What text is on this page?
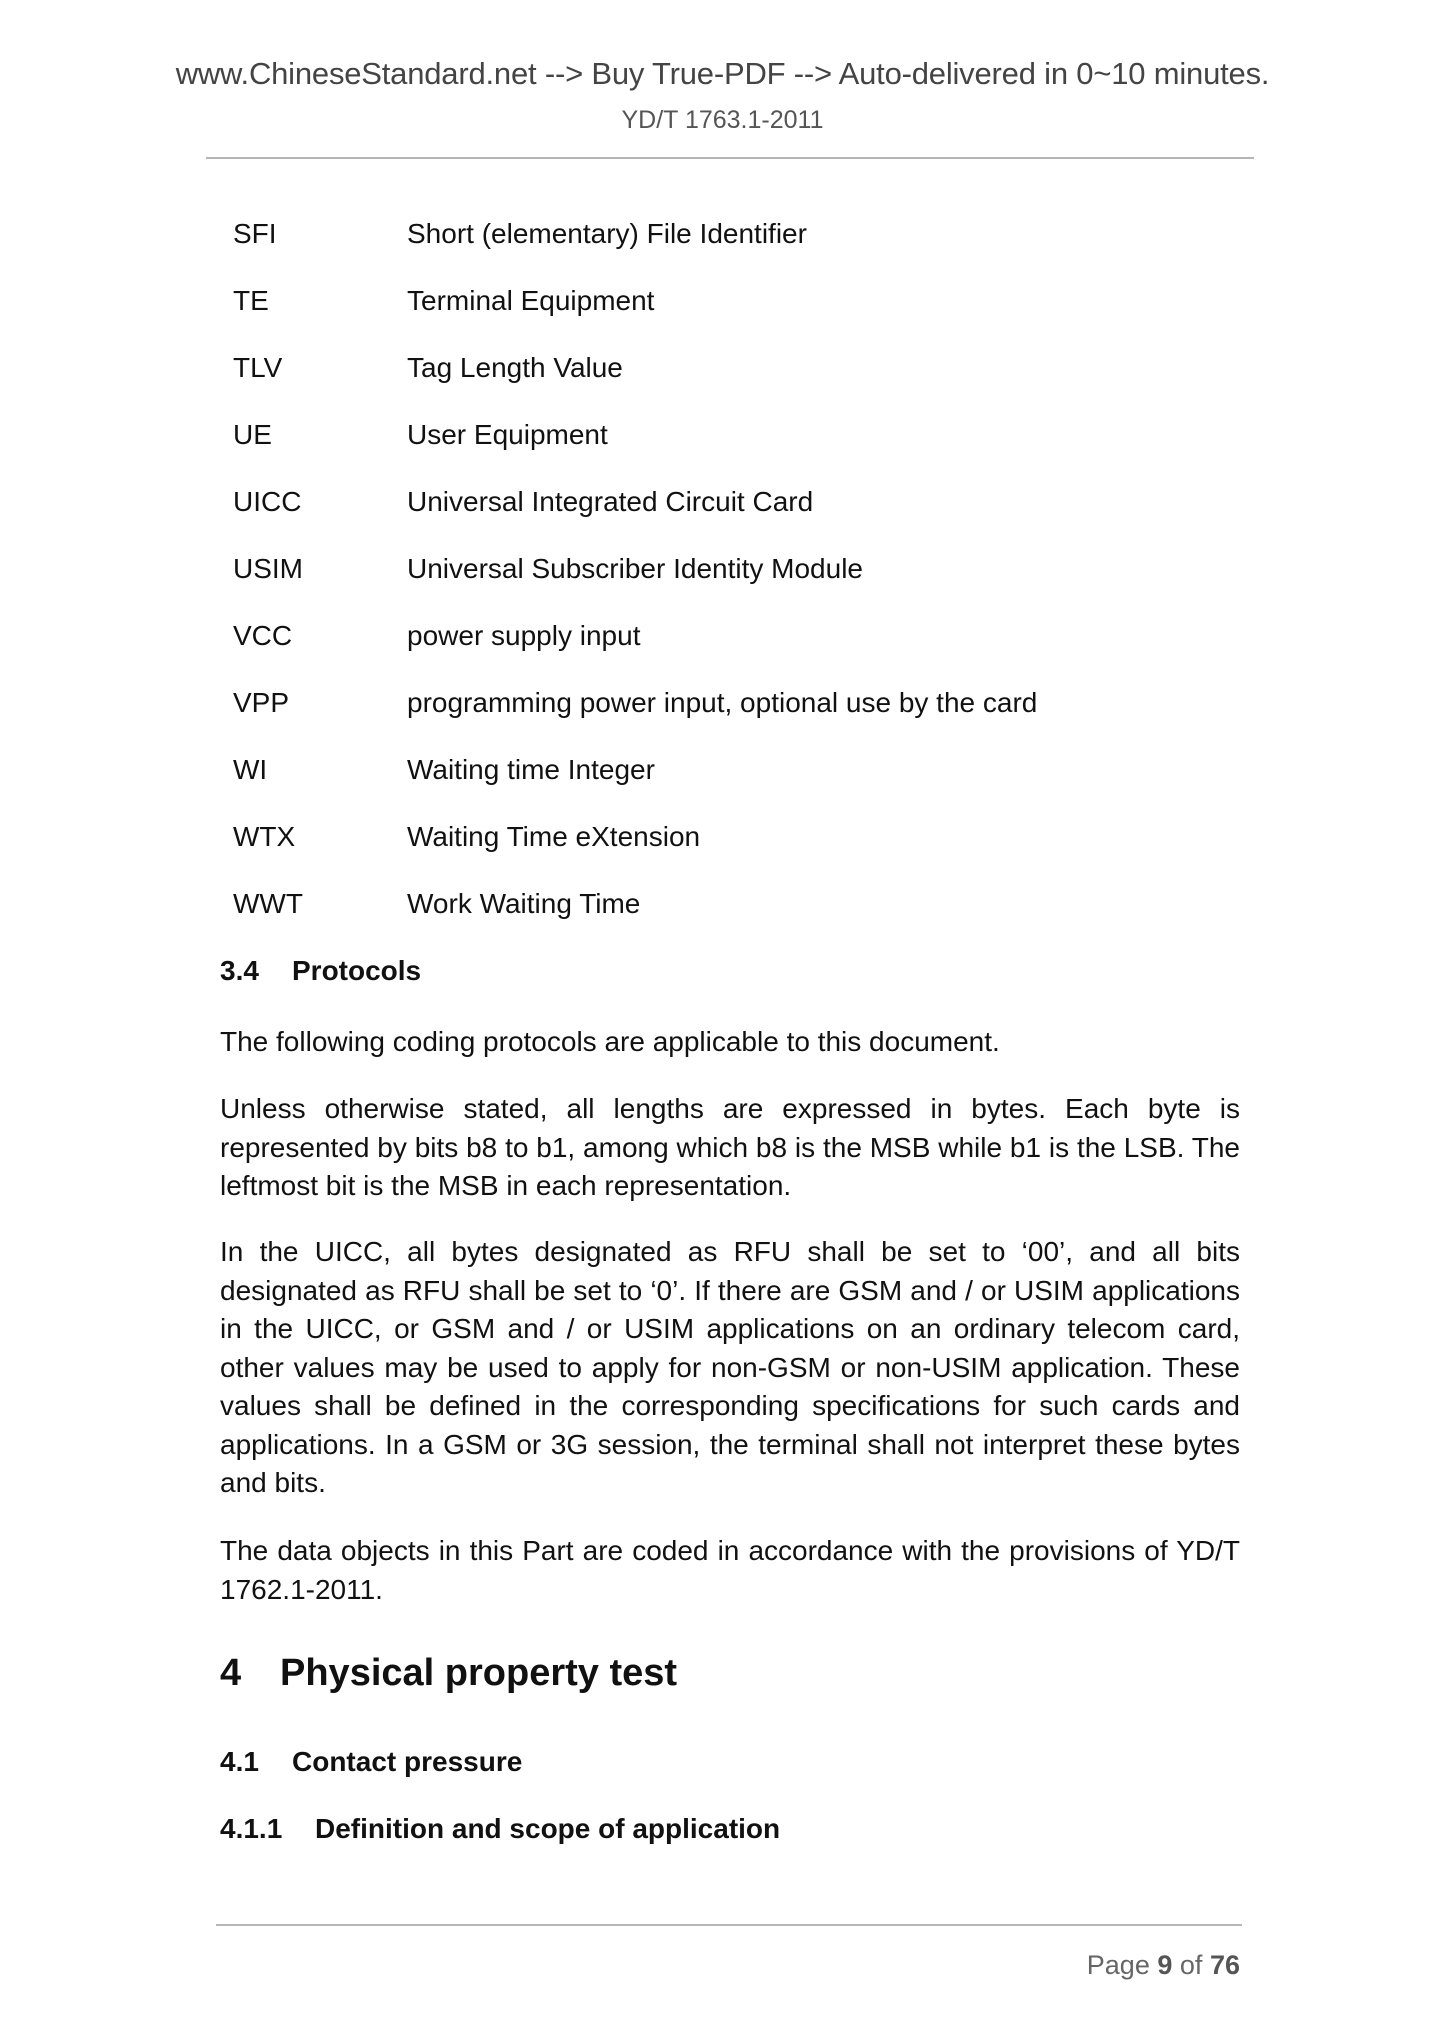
www.ChineseStandard.net --> Buy True-PDF --> Auto-delivered in 0~10 minutes.
YD/T 1763.1-2011
SFI	Short (elementary) File Identifier
TE	Terminal Equipment
TLV	Tag Length Value
UE	User Equipment
UICC	Universal Integrated Circuit Card
USIM	Universal Subscriber Identity Module
VCC	power supply input
VPP	programming power input, optional use by the card
WI	Waiting time Integer
WTX	Waiting Time eXtension
WWT	Work Waiting Time
3.4 Protocols
The following coding protocols are applicable to this document.
Unless otherwise stated, all lengths are expressed in bytes. Each byte is represented by bits b8 to b1, among which b8 is the MSB while b1 is the LSB. The leftmost bit is the MSB in each representation.
In the UICC, all bytes designated as RFU shall be set to ‘00’, and all bits designated as RFU shall be set to ‘0’. If there are GSM and / or USIM applications in the UICC, or GSM and / or USIM applications on an ordinary telecom card, other values may be used to apply for non-GSM or non-USIM application. These values shall be defined in the corresponding specifications for such cards and applications. In a GSM or 3G session, the terminal shall not interpret these bytes and bits.
The data objects in this Part are coded in accordance with the provisions of YD/T 1762.1-2011.
4 Physical property test
4.1 Contact pressure
4.1.1 Definition and scope of application
Page 9 of 76
